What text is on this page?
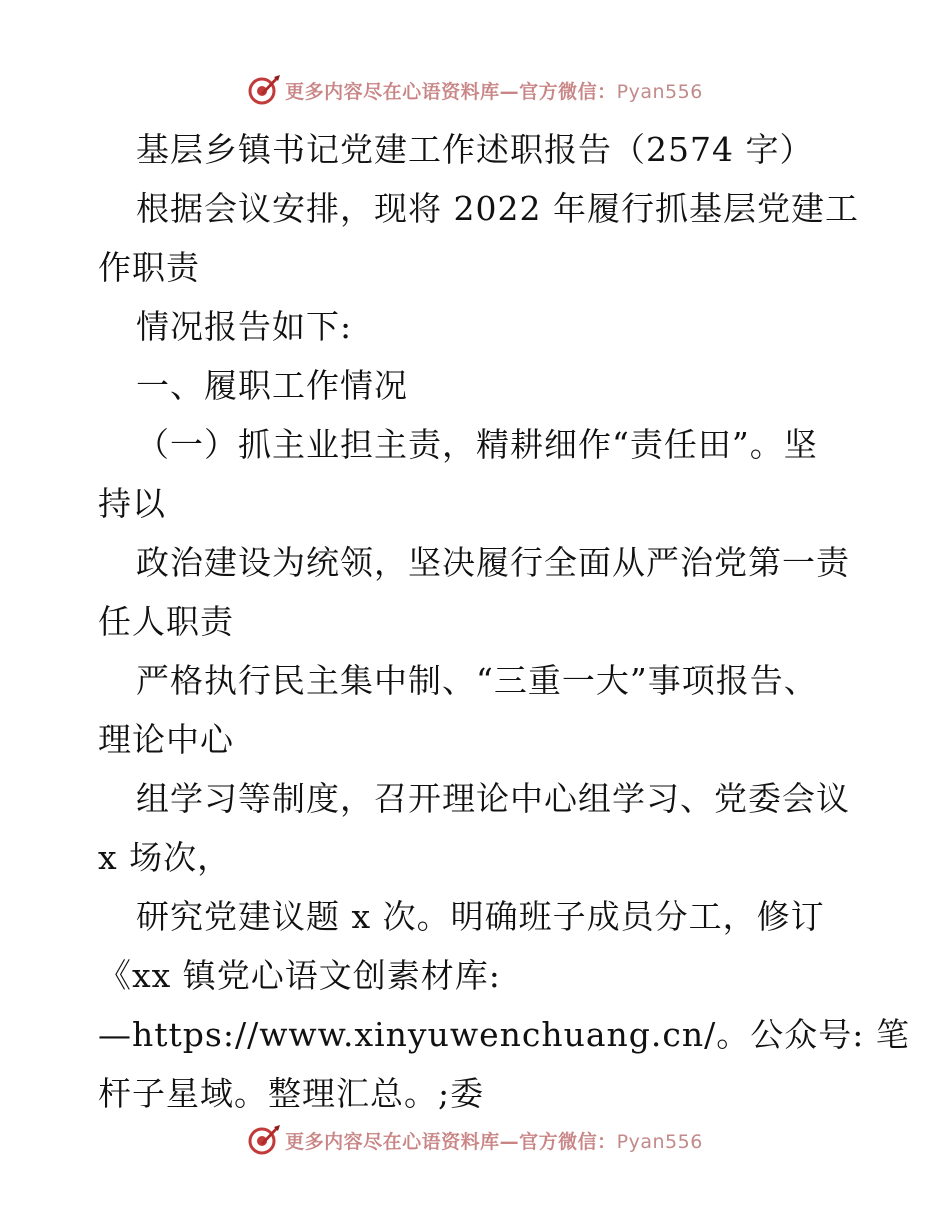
更多内容尽在心语资料库—官方微信：Pyan556
基层乡镇书记党建工作述职报告（2574 字）
根据会议安排，现将 2022 年履行抓基层党建工
作职责
情况报告如下:
一、履职工作情况
（一）抓主业担主责，精耕细作“责任田”。坚
持以
政治建设为统领，坚决履行全面从严治党第一责
任人职责
严格执行民主集中制、“三重一大”事项报告、
理论中心
组学习等制度，召开理论中心组学习、党委会议
x 场次，
研究党建议题 x 次。明确班子成员分工，修订
《xx 镇党心语文创素材库:
—https://www.xinyuwenchuang.cn/。公众号: 笔
杆子星域。整理汇总。;委
更多内容尽在心语资料库—官方微信：Pyan556
